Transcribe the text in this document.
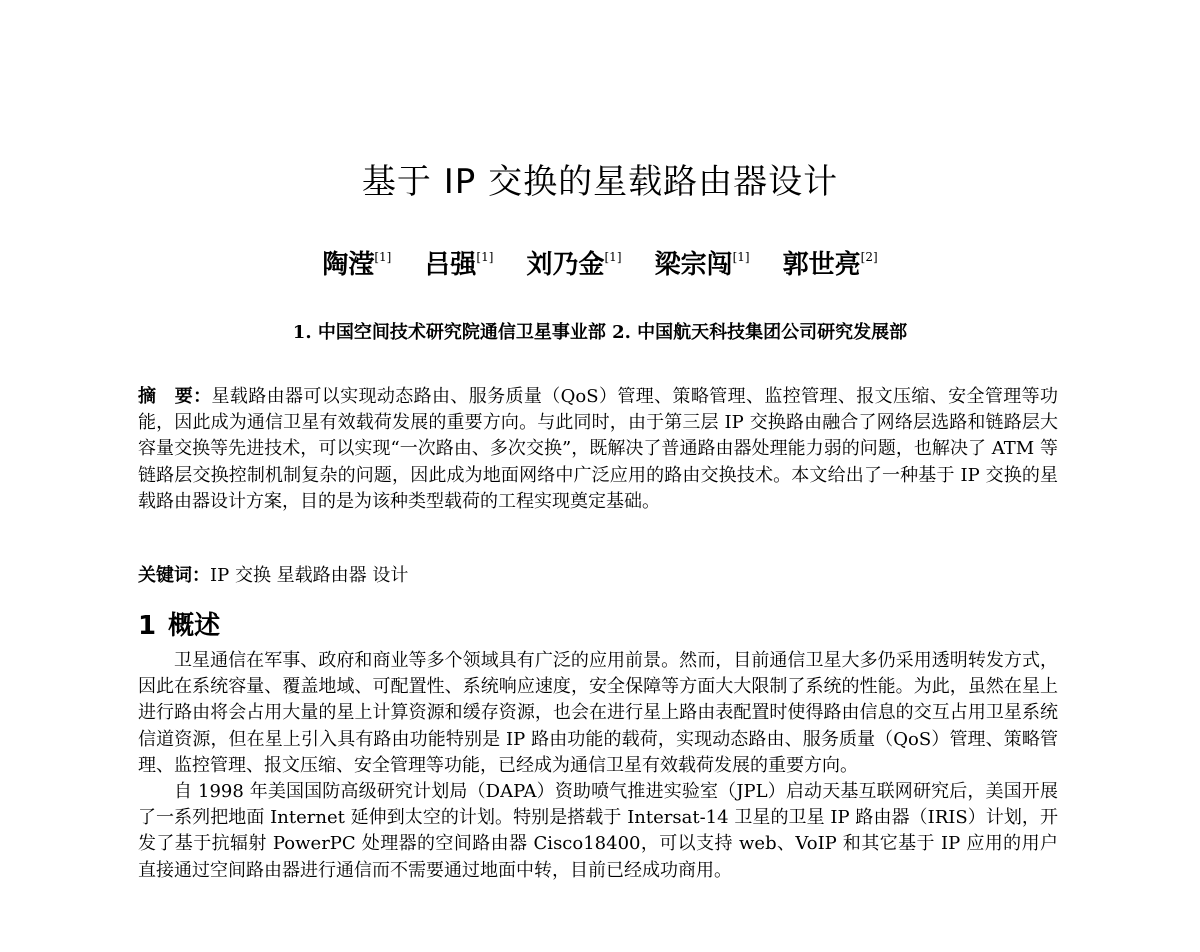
基于 IP 交换的星载路由器设计
陶滢[1] 吕强[1] 刘乃金[1] 梁宗闯[1] 郭世亮[2]
1. 中国空间技术研究院通信卫星事业部 2. 中国航天科技集团公司研究发展部
摘　要：星载路由器可以实现动态路由、服务质量（QoS）管理、策略管理、监控管理、报文压缩、安全管理等功能，因此成为通信卫星有效载荷发展的重要方向。与此同时，由于第三层 IP 交换路由融合了网络层选路和链路层大容量交换等先进技术，可以实现“一次路由、多次交换”，既解决了普通路由器处理能力弱的问题，也解决了 ATM 等链路层交换控制机制复杂的问题，因此成为地面网络中广泛应用的路由交换技术。本文给出了一种基于 IP 交换的星载路由器设计方案，目的是为该种类型载荷的工程实现奠定基础。
关键词：IP 交换 星载路由器 设计
1 概述

卫星通信在军事、政府和商业等多个领域具有广泛的应用前景。然而，目前通信卫星大多仍采用透明转发方式，因此在系统容量、覆盖地域、可配置性、系统响应速度，安全保障等方面大大限制了系统的性能。为此，虽然在星上进行路由将会占用大量的星上计算资源和缓存资源，也会在进行星上路由表配置时使得路由信息的交互占用卫星系统信道资源，但在星上引入具有路由功能特别是 IP 路由功能的载荷，实现动态路由、服务质量（QoS）管理、策略管理、监控管理、报文压缩、安全管理等功能，已经成为通信卫星有效载荷发展的重要方向。

自 1998 年美国国防高级研究计划局（DAPA）资助喷气推进实验室（JPL）启动天基互联网研究后，美国开展了一系列把地面 Internet 延伸到太空的计划。特别是搭载于 Intersat-14 卫星的卫星 IP 路由器（IRIS）计划，开发了基于抗辐射 PowerPC 处理器的空间路由器 Cisco18400，可以支持 web、VoIP 和其它基于 IP 应用的用户直接通过空间路由器进行通信而不需要通过地面中转，目前已经成功商用。
